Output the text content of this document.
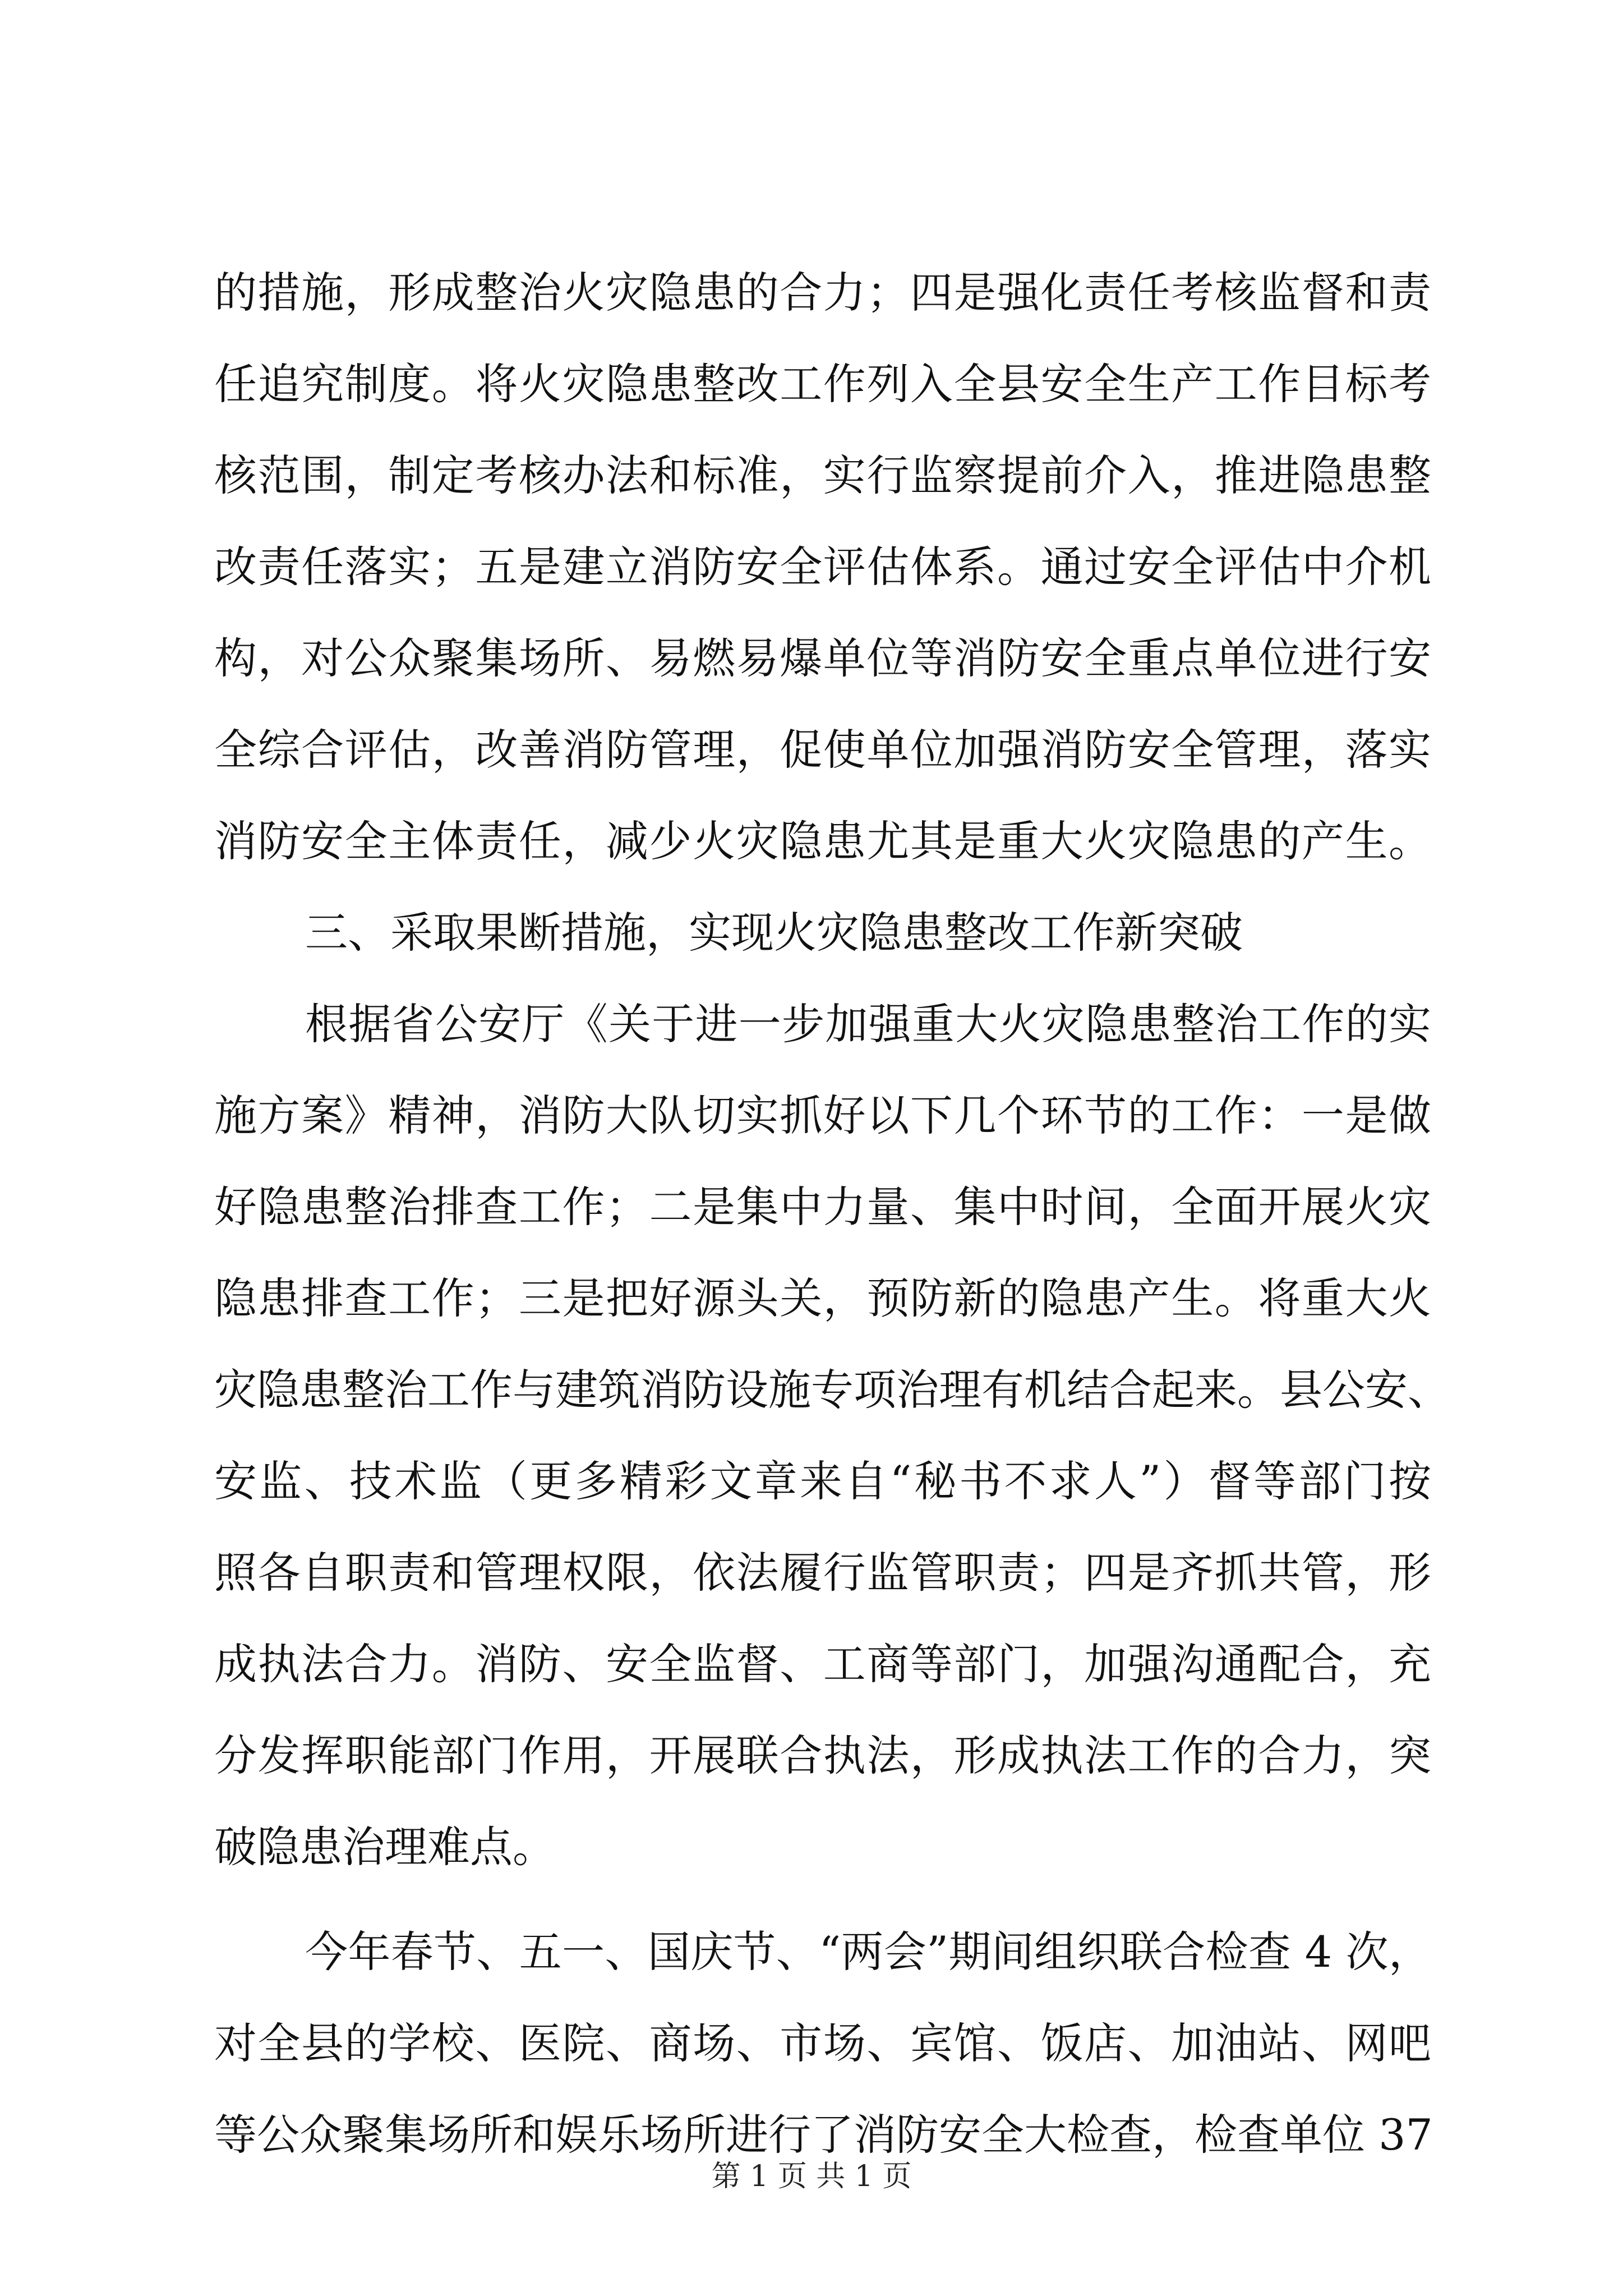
的措施，形成整治火灾隐患的合力；四是强化责任考核监督和责
任追究制度。将火灾隐患整改工作列入全县安全生产工作目标考
核范围，制定考核办法和标准，实行监察提前介入，推进隐患整
改责任落实；五是建立消防安全评估体系。通过安全评估中介机
构，对公众聚集场所、易燃易爆单位等消防安全重点单位进行安
全综合评估，改善消防管理，促使单位加强消防安全管理，落实
消防安全主体责任，减少火灾隐患尤其是重大火灾隐患的产生。
三、采取果断措施，实现火灾隐患整改工作新突破
根据省公安厅《关于进一步加强重大火灾隐患整治工作的实
施方案》精神，消防大队切实抓好以下几个环节的工作：一是做
好隐患整治排查工作；二是集中力量、集中时间，全面开展火灾
隐患排查工作；三是把好源头关，预防新的隐患产生。将重大火
灾隐患整治工作与建筑消防设施专项治理有机结合起来。县公安、
安监、技术监（更多精彩文章来自“秘书不求人”）督等部门按
照各自职责和管理权限，依法履行监管职责；四是齐抓共管，形
成执法合力。消防、安全监督、工商等部门，加强沟通配合，充
分发挥职能部门作用，开展联合执法，形成执法工作的合力，突
破隐患治理难点。
今年春节、五一、国庆节、“两会”期间组织联合检查 4 次，
对全县的学校、医院、商场、市场、宾馆、饭店、加油站、网吧
等公众聚集场所和娱乐场所进行了消防安全大检查，检查单位 37
第 1 页 共 1 页
